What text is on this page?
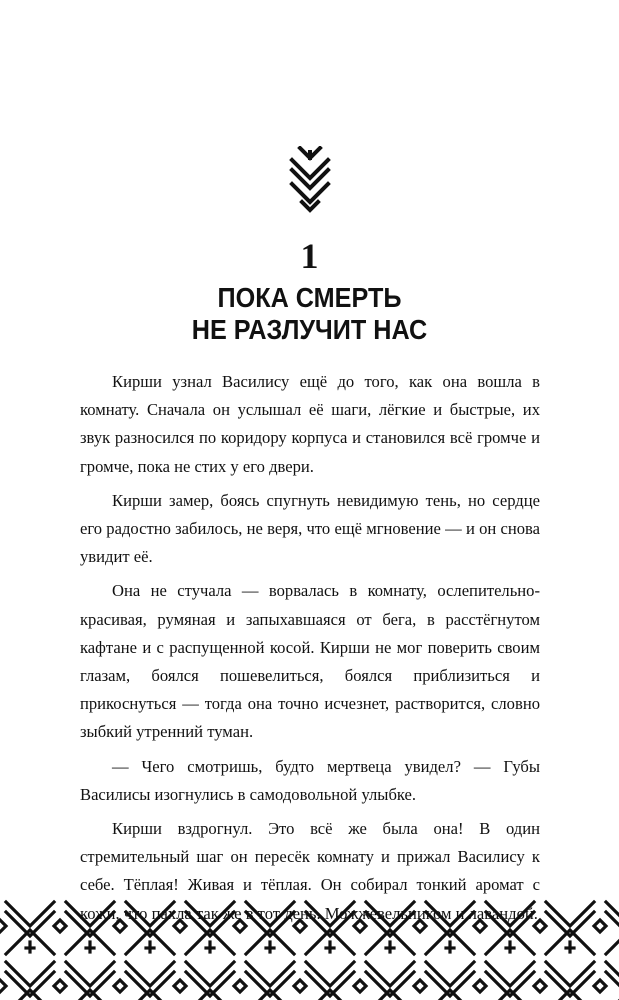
1
ПОКА СМЕРТЬ
НЕ РАЗЛУЧИТ НАС

Кирши узнал Василису ещё до того, как она вошла в комнату. Сначала он услышал её шаги, лёгкие и быстрые, их звук разносился по коридору корпуса и становился всё громче и громче, пока не стих у его двери.

Кирши замер, боясь спугнуть невидимую тень, но сердце его радостно забилось, не веря, что ещё мгновение — и он снова увидит её.

Она не стучала — ворвалась в комнату, ослепительно-красивая, румяная и запыхавшаяся от бега, в расстёгнутом кафтане и с распущенной косой. Кирши не мог поверить своим глазам, боялся пошевелиться, боялся приблизиться и прикоснуться — тогда она точно исчезнет, растворится, словно зыбкий утренний туман.

— Чего смотришь, будто мертвеца увидел? — Губы Василисы изогнулись в самодовольной улыбке.

Кирши вздрогнул. Это всё же была она! В один стремительный шаг он пересёк комнату и прижал Василису к себе. Тёплая! Живая и тёплая. Он собирал тонкий аромат с
